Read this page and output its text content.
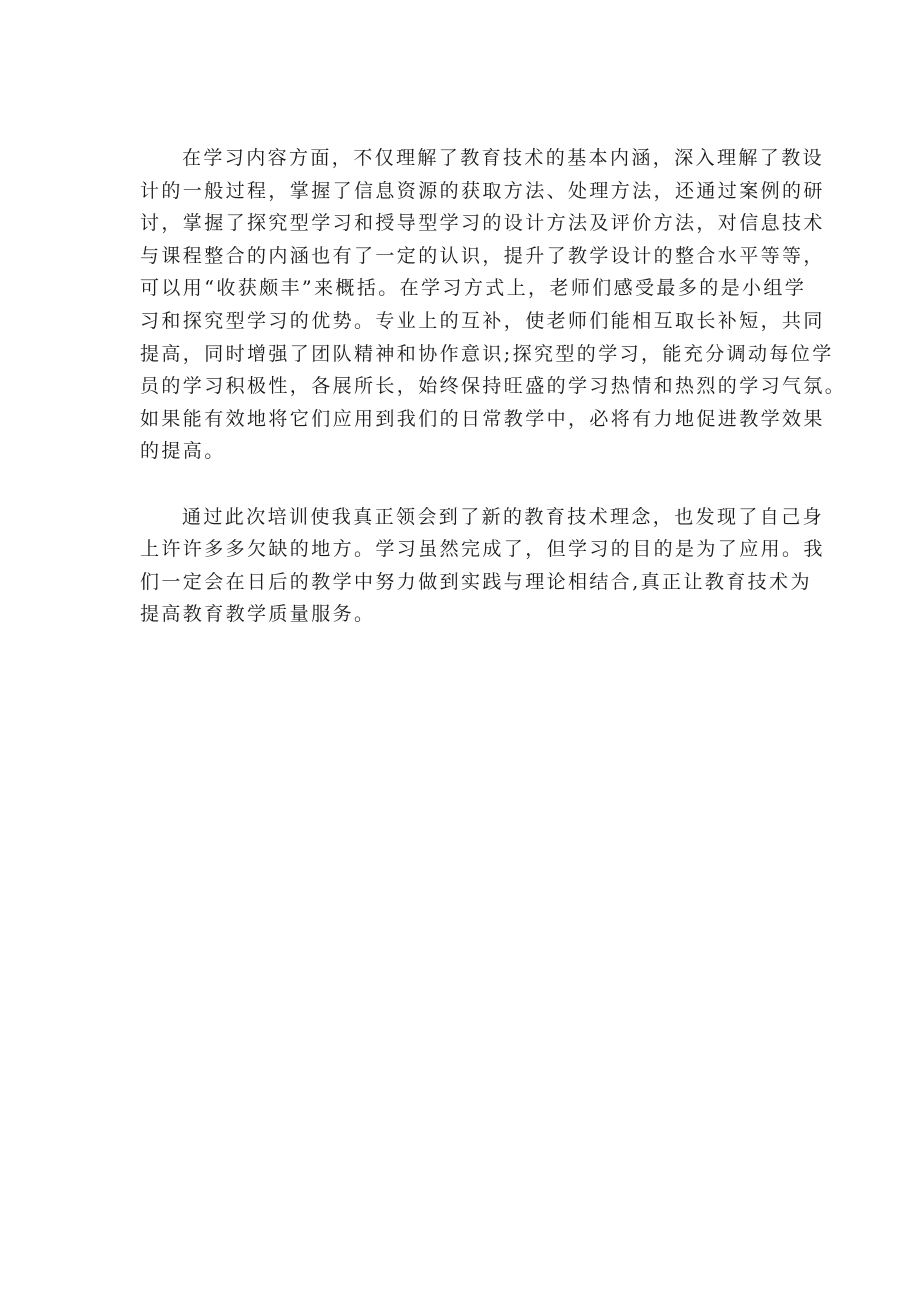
在学习内容方面，不仅理解了教育技术的基本内涵，深入理解了教设
计的一般过程，掌握了信息资源的获取方法、处理方法，还通过案例的研
讨，掌握了探究型学习和授导型学习的设计方法及评价方法，对信息技术
与课程整合的内涵也有了一定的认识，提升了教学设计的整合水平等等，
可以用“收获颇丰”来概括。在学习方式上，老师们感受最多的是小组学
习和探究型学习的优势。专业上的互补，使老师们能相互取长补短，共同
提高，同时增强了团队精神和协作意识;探究型的学习，能充分调动每位学
员的学习积极性，各展所长，始终保持旺盛的学习热情和热烈的学习气氛。
如果能有效地将它们应用到我们的日常教学中，必将有力地促进教学效果
的提高。
通过此次培训使我真正领会到了新的教育技术理念，也发现了自己身
上许许多多欠缺的地方。学习虽然完成了，但学习的目的是为了应用。我
们一定会在日后的教学中努力做到实践与理论相结合,真正让教育技术为
提高教育教学质量服务。
